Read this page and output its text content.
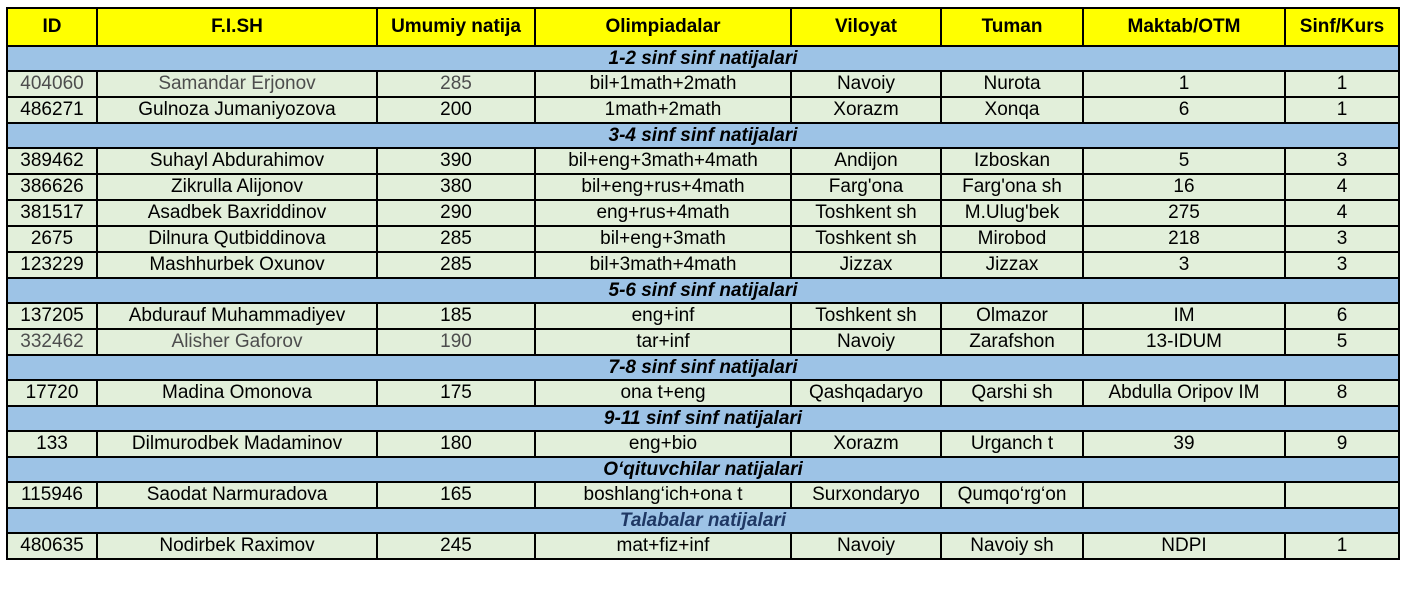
ID	F.I.SH	Umumiy natija	Olimpiadalar	Viloyat	Tuman	Maktab/OTM	Sinf/Kurs
1-2 sinf sinf natijalari							
404060	Samandar Erjonov	285	bil+1math+2math	Navoiy	Nurota	1	1
486271	Gulnoza Jumaniyozova	200	1math+2math	Xorazm	Xonqa	6	1
3-4 sinf sinf natijalari							
389462	Suhayl Abdurahimov	390	bil+eng+3math+4math	Andijon	Izboskan	5	3
386626	Zikrulla Alijonov	380	bil+eng+rus+4math	Farg'ona	Farg'ona sh	16	4
381517	Asadbek Baxriddinov	290	eng+rus+4math	Toshkent sh	M.Ulug'bek	275	4
2675	Dilnura Qutbiddinova	285	bil+eng+3math	Toshkent sh	Mirobod	218	3
123229	Mashhurbek Oxunov	285	bil+3math+4math	Jizzax	Jizzax	3	3
5-6 sinf sinf natijalari							
137205	Abdurauf Muhammadiyev	185	eng+inf	Toshkent sh	Olmazor	IM	6
332462	Alisher Gaforov	190	tar+inf	Navoiy	Zarafshon	13-IDUM	5
7-8 sinf sinf natijalari							
17720	Madina Omonova	175	ona t+eng	Qashqadaryo	Qarshi sh	Abdulla Oripov IM	8
9-11 sinf sinf natijalari							
133	Dilmurodbek Madaminov	180	eng+bio	Xorazm	Urganch t	39	9
O‘qituvchilar natijalari							
115946	Saodat Narmuradova	165	boshlang‘ich+ona t	Surxondaryo	Qumqo‘rg‘on		
Talabalar natijalari							
480635	Nodirbek Raximov	245	mat+fiz+inf	Navoiy	Navoiy sh	NDPI	1
